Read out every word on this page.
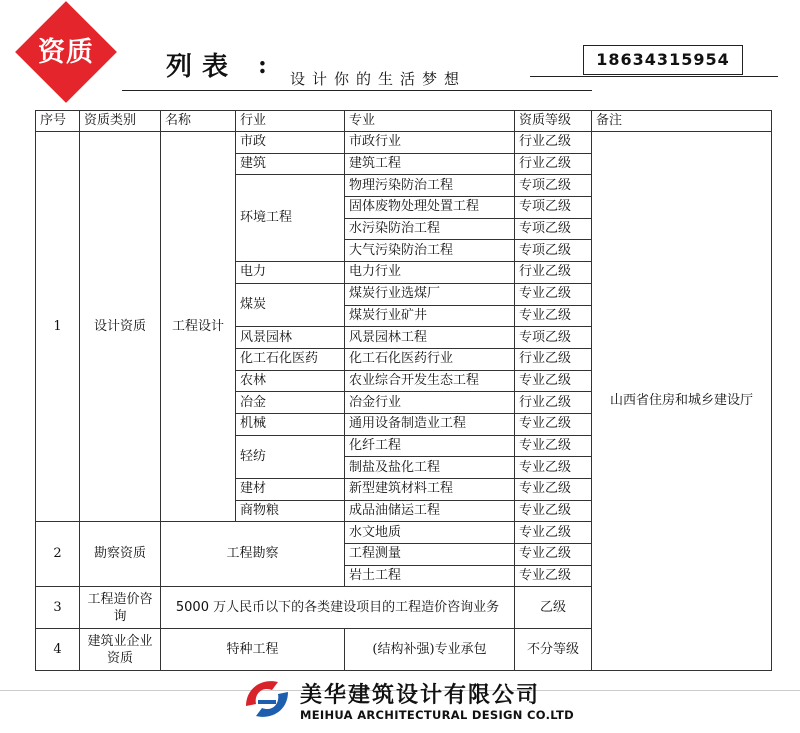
资质	列表 : 设计你的生活梦想
18634315954
序号	资质类别	名称	行业	专业	资质等级	备注
1	设计资质	工程设计	市政	市政行业	行业乙级	山西省住房和城乡建设厅
			建筑	建筑工程	行业乙级	
			环境工程	物理污染防治工程	专项乙级	
				固体废物处理处置工程	专项乙级	
				水污染防治工程	专项乙级	
				大气污染防治工程	专项乙级	
			电力	电力行业	行业乙级	
			煤炭	煤炭行业选煤厂	专业乙级	
				煤炭行业矿井	专业乙级	
			风景园林	风景园林工程	专项乙级	
			化工石化医药	化工石化医药行业	行业乙级	
			农林	农业综合开发生态工程	专业乙级	
			冶金	冶金行业	行业乙级	
			机械	通用设备制造业工程	专业乙级	
			轻纺	化纤工程	专业乙级	
				制盐及盐化工程	专业乙级	
			建材	新型建筑材料工程	专业乙级	
			商物粮	成品油储运工程	专业乙级	
2	勘察资质	工程勘察		水文地质	专业乙级	
				工程测量	专业乙级	
				岩土工程	专业乙级	
3	工程造价咨询	5000 万人民币以下的各类建设项目的工程造价咨询业务			乙级	
4	建筑业企业资质	特种工程		(结构补强)专业承包	不分等级	
美华建筑设计有限公司
MEIHUA ARCHITECTURAL DESIGN CO.LTD
